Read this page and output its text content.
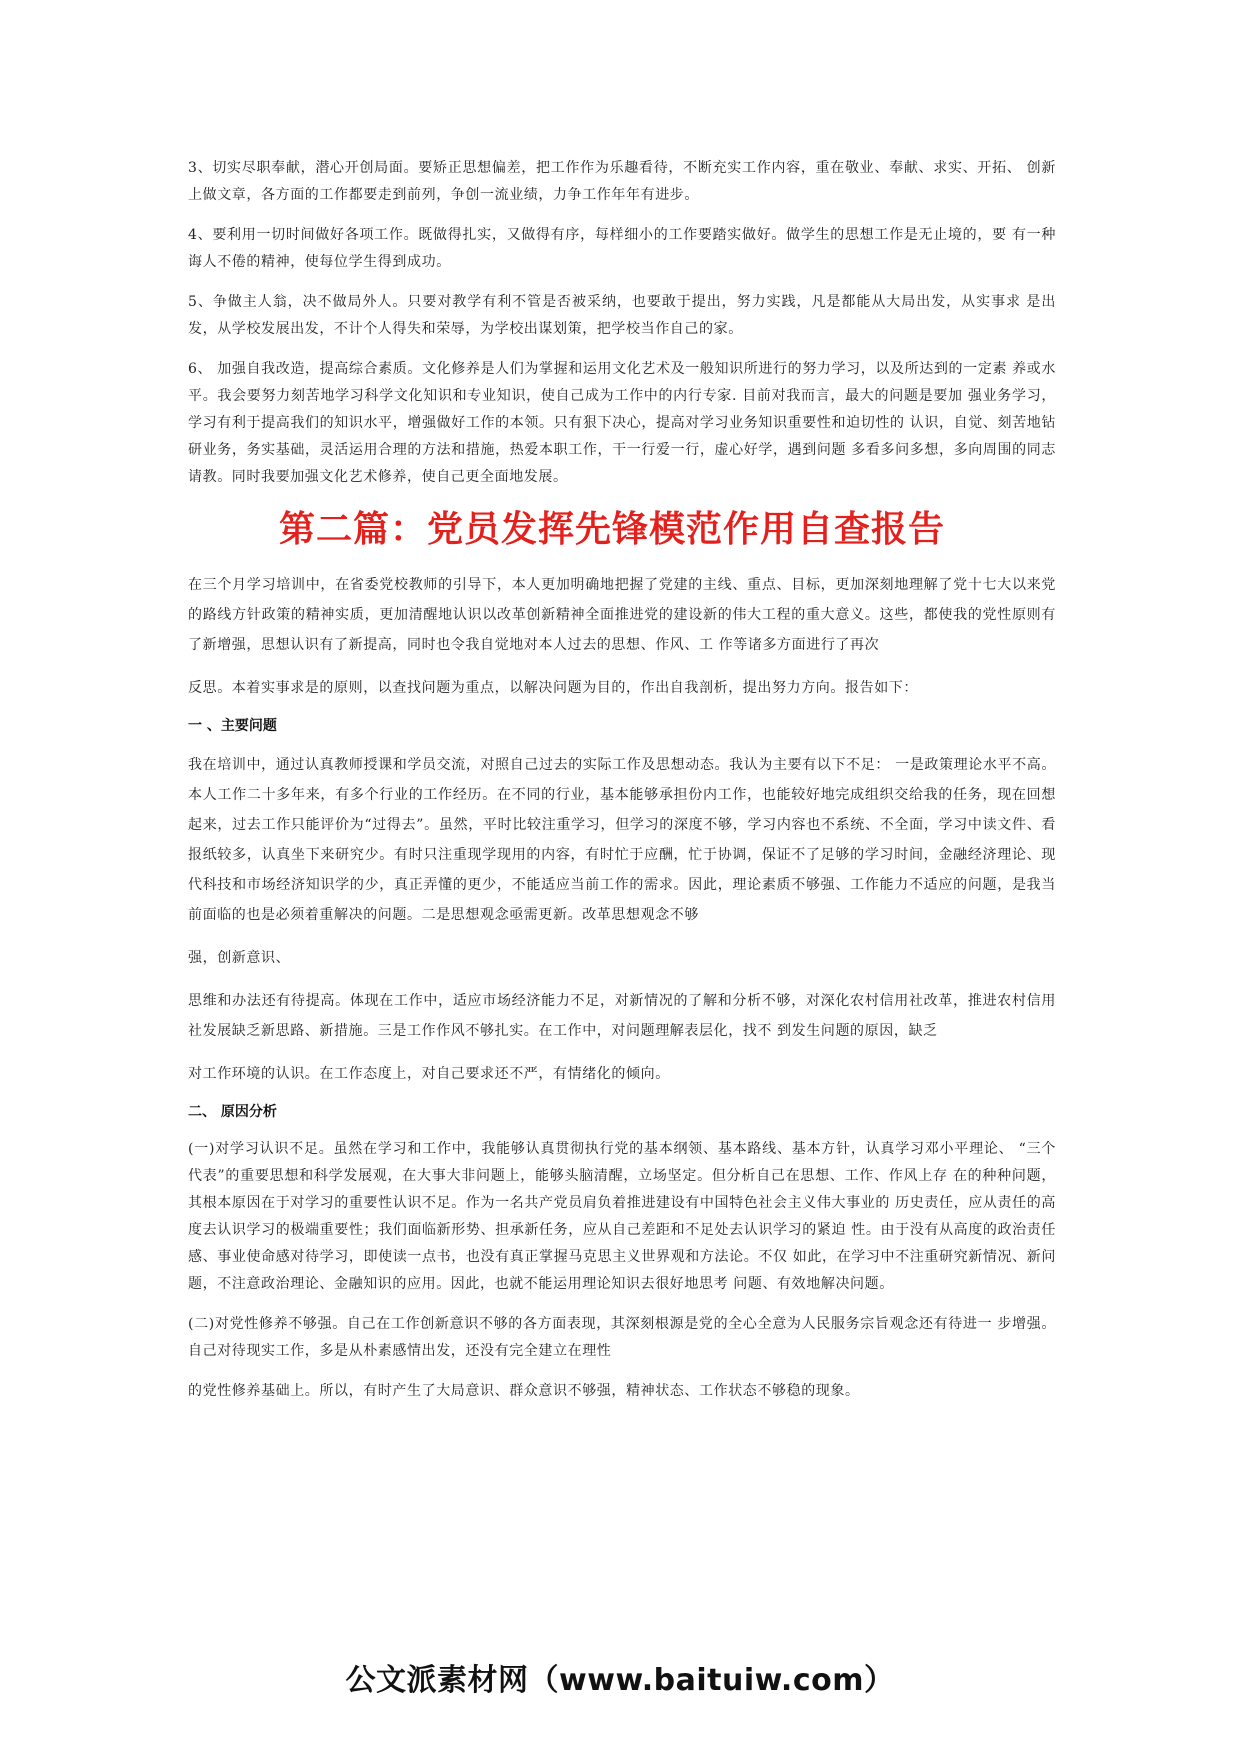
3、切实尽职奉献，潜心开创局面。要矫正思想偏差，把工作作为乐趣看待，不断充实工作内容，重在敬业、奉献、求实、开拓、 创新上做文章，各方面的工作都要走到前列，争创一流业绩，力争工作年年有进步。

4、要利用一切时间做好各项工作。既做得扎实，又做得有序，每样细小的工作要踏实做好。做学生的思想工作是无止境的，要 有一种诲人不倦的精神，使每位学生得到成功。

5、争做主人翁，决不做局外人。只要对教学有利不管是否被采纳，也要敢于提出，努力实践，凡是都能从大局出发，从实事求 是出发，从学校发展出发，不计个人得失和荣辱，为学校出谋划策，把学校当作自己的家。

6、 加强自我改造，提高综合素质。文化修养是人们为掌握和运用文化艺术及一般知识所进行的努力学习，以及所达到的一定素 养或水平。我会要努力刻苦地学习科学文化知识和专业知识，使自己成为工作中的内行专家. 目前对我而言，最大的问题是要加 强业务学习，学习有利于提高我们的知识水平，增强做好工作的本领。只有狠下决心，提高对学习业务知识重要性和迫切性的 认识，自觉、刻苦地钻研业务，务实基础，灵活运用合理的方法和措施，热爱本职工作，干一行爱一行，虚心好学，遇到问题 多看多问多想，多向周围的同志请教。同时我要加强文化艺术修养，使自己更全面地发展。

第二篇：党员发挥先锋模范作用自查报告

在三个月学习培训中，在省委党校教师的引导下，本人更加明确地把握了党建的主线、重点、目标，更加深刻地理解了党十七大以来党的路线方针政策的精神实质，更加清醒地认识以改革创新精神全面推进党的建设新的伟大工程的重大意义。这些，都使我的党性原则有了新增强，思想认识有了新提高，同时也令我自觉地对本人过去的思想、作风、工 作等诸多方面进行了再次

反思。本着实事求是的原则，以查找问题为重点，以解决问题为目的，作出自我剖析，提出努力方向。报告如下：

一 、主要问题

我在培训中，通过认真教师授课和学员交流，对照自己过去的实际工作及思想动态。我认为主要有以下不足： 一是政策理论水平不高。本人工作二十多年来，有多个行业的工作经历。在不同的行业，基本能够承担份内工作，也能较好地完成组织交给我的任务，现在回想起来，过去工作只能评价为“过得去”。虽然，平时比较注重学习，但学习的深度不够，学习内容也不系统、不全面，学习中读文件、看报纸较多，认真坐下来研究少。有时只注重现学现用的内容，有时忙于应酬，忙于协调，保证不了足够的学习时间，金融经济理论、现代科技和市场经济知识学的少，真正弄懂的更少，不能适应当前工作的需求。因此，理论素质不够强、工作能力不适应的问题，是我当前面临的也是必须着重解决的问题。二是思想观念亟需更新。改革思想观念不够

强，创新意识、

思维和办法还有待提高。体现在工作中，适应市场经济能力不足，对新情况的了解和分析不够，对深化农村信用社改革，推进农村信用社发展缺乏新思路、新措施。三是工作作风不够扎实。在工作中，对问题理解表层化，找不 到发生问题的原因，缺乏

对工作环境的认识。在工作态度上，对自己要求还不严，有情绪化的倾向。

二、 原因分析

(一)对学习认识不足。虽然在学习和工作中，我能够认真贯彻执行党的基本纲领、基本路线、基本方针，认真学习邓小平理论、 “三个代表”的重要思想和科学发展观，在大事大非问题上，能够头脑清醒，立场坚定。但分析自己在思想、工作、作风上存 在的种种问题，其根本原因在于对学习的重要性认识不足。作为一名共产党员肩负着推进建设有中国特色社会主义伟大事业的 历史责任，应从责任的高度去认识学习的极端重要性；我们面临新形势、担承新任务，应从自己差距和不足处去认识学习的紧迫 性。由于没有从高度的政治责任感、事业使命感对待学习，即使读一点书，也没有真正掌握马克思主义世界观和方法论。不仅 如此，在学习中不注重研究新情况、新问题，不注意政治理论、金融知识的应用。因此，也就不能运用理论知识去很好地思考 问题、有效地解决问题。

(二)对党性修养不够强。自己在工作创新意识不够的各方面表现，其深刻根源是党的全心全意为人民服务宗旨观念还有待进一 步增强。自己对待现实工作，多是从朴素感情出发，还没有完全建立在理性

的党性修养基础上。所以，有时产生了大局意识、群众意识不够强，精神状态、工作状态不够稳的现象。

公文派素材网（www.baituiw.com）
